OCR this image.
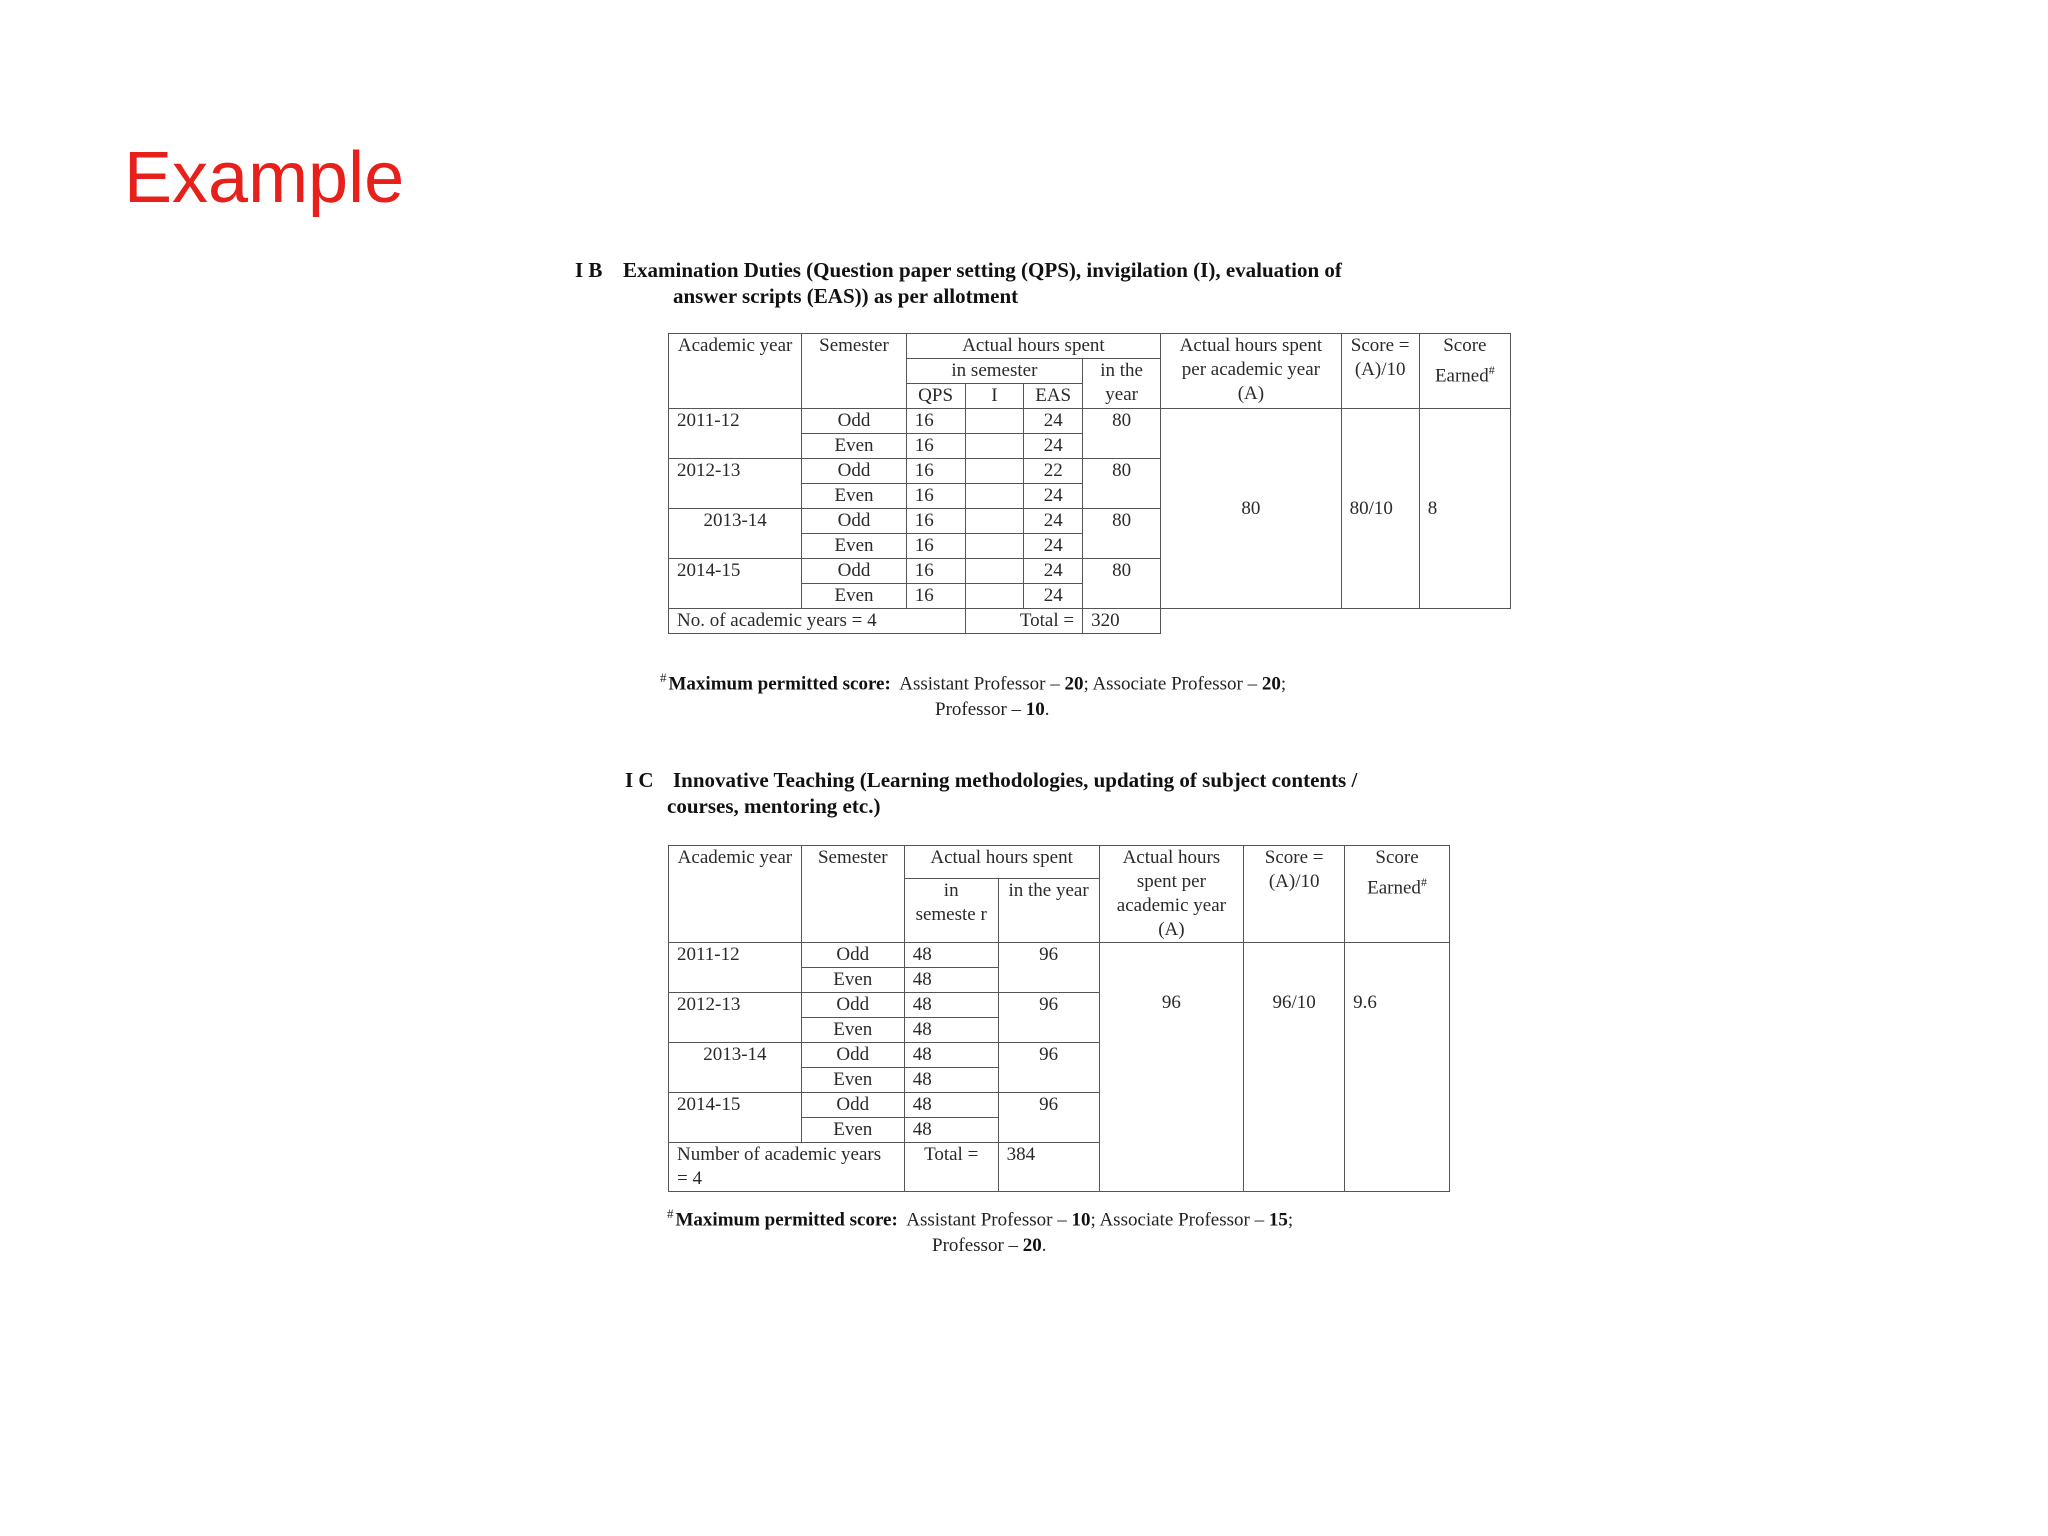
Example
I B Examination Duties (Question paper setting (QPS), invigilation (I), evaluation of
answer scripts (EAS)) as per allotment
Academic year	Semester	Actual hours spent				Actual hours spent per academic year (A)	Score = (A)/10	Score Earned#
		in semester			in the year			
		QPS	I	EAS				
2011-12	Odd	16		24	80	80	80/10	8
	Even	16		24				
2012-13	Odd	16		22	80			
	Even	16		24				
2013-14	Odd	16		24	80			
	Even	16		24				
2014-15	Odd	16		24	80			
	Even	16		24				
No. of academic years = 4			Total =		320			
# Maximum permitted score: Assistant Professor – 20; Associate Professor – 20;
Professor – 10.
I C Innovative Teaching (Learning methodologies, updating of subject contents /
courses, mentoring etc.)
Academic year	Semester	Actual hours spent		Actual hours spent per academic year (A)	Score = (A)/10	Score Earned#
		in semeste r	in the year			
2011-12	Odd	48	96	96	96/10	9.6
	Even	48				
2012-13	Odd	48	96			
	Even	48				
2013-14	Odd	48	96			
	Even	48				
2014-15	Odd	48	96			
	Even	48				
Number of academic years = 4		Total =	384			
# Maximum permitted score: Assistant Professor – 10; Associate Professor – 15;
Professor – 20.
